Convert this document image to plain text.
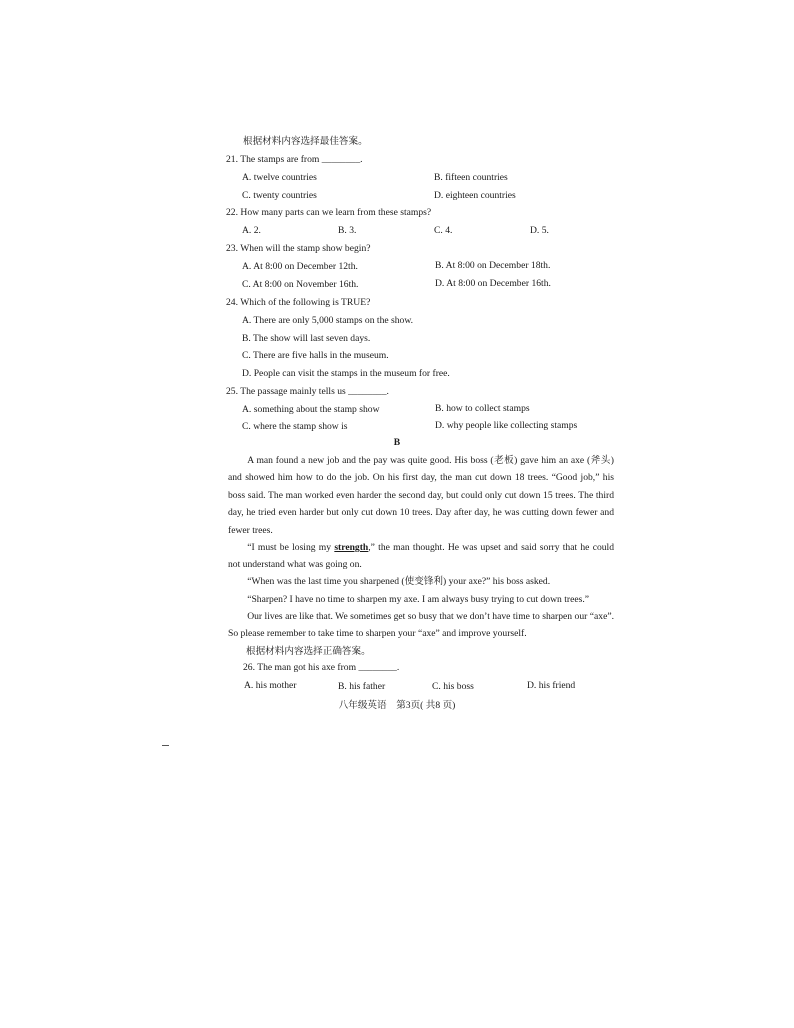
根据材料内容选择最佳答案。
21. The stamps are from ________.
A. twelve countries	B. fifteen countries
C. twenty countries	D. eighteen countries
22. How many parts can we learn from these stamps?
A. 2.	B. 3.	C. 4.	D. 5.
23. When will the stamp show begin?
A. At 8:00 on December 12th.	B. At 8:00 on December 18th.
C. At 8:00 on November 16th.	D. At 8:00 on December 16th.
24. Which of the following is TRUE?
A. There are only 5,000 stamps on the show.
B. The show will last seven days.
C. There are five halls in the museum.
D. People can visit the stamps in the museum for free.
25. The passage mainly tells us ________.
A. something about the stamp show	B. how to collect stamps
C. where the stamp show is	D. why people like collecting stamps
B
A man found a new job and the pay was quite good. His boss (老板) gave him an axe (斧头) and showed him how to do the job. On his first day, the man cut down 18 trees. “Good job,” his boss said. The man worked even harder the second day, but could only cut down 15 trees. The third day, he tried even harder but only cut down 10 trees. Day after day, he was cutting down fewer and fewer trees.
“I must be losing my strength,” the man thought. He was upset and said sorry that he could not understand what was going on.
“When was the last time you sharpened (使变锋利) your axe?” his boss asked.
“Sharpen? I have no time to sharpen my axe. I am always busy trying to cut down trees.”
Our lives are like that. We sometimes get so busy that we don’t have time to sharpen our “axe”. So please remember to take time to sharpen your “axe” and improve yourself.
根据材料内容选择正确答案。
26. The man got his axe from ________.
A. his mother	B. his father	C. his boss	D. his friend
八年级英语　第3页( 共8 页)
